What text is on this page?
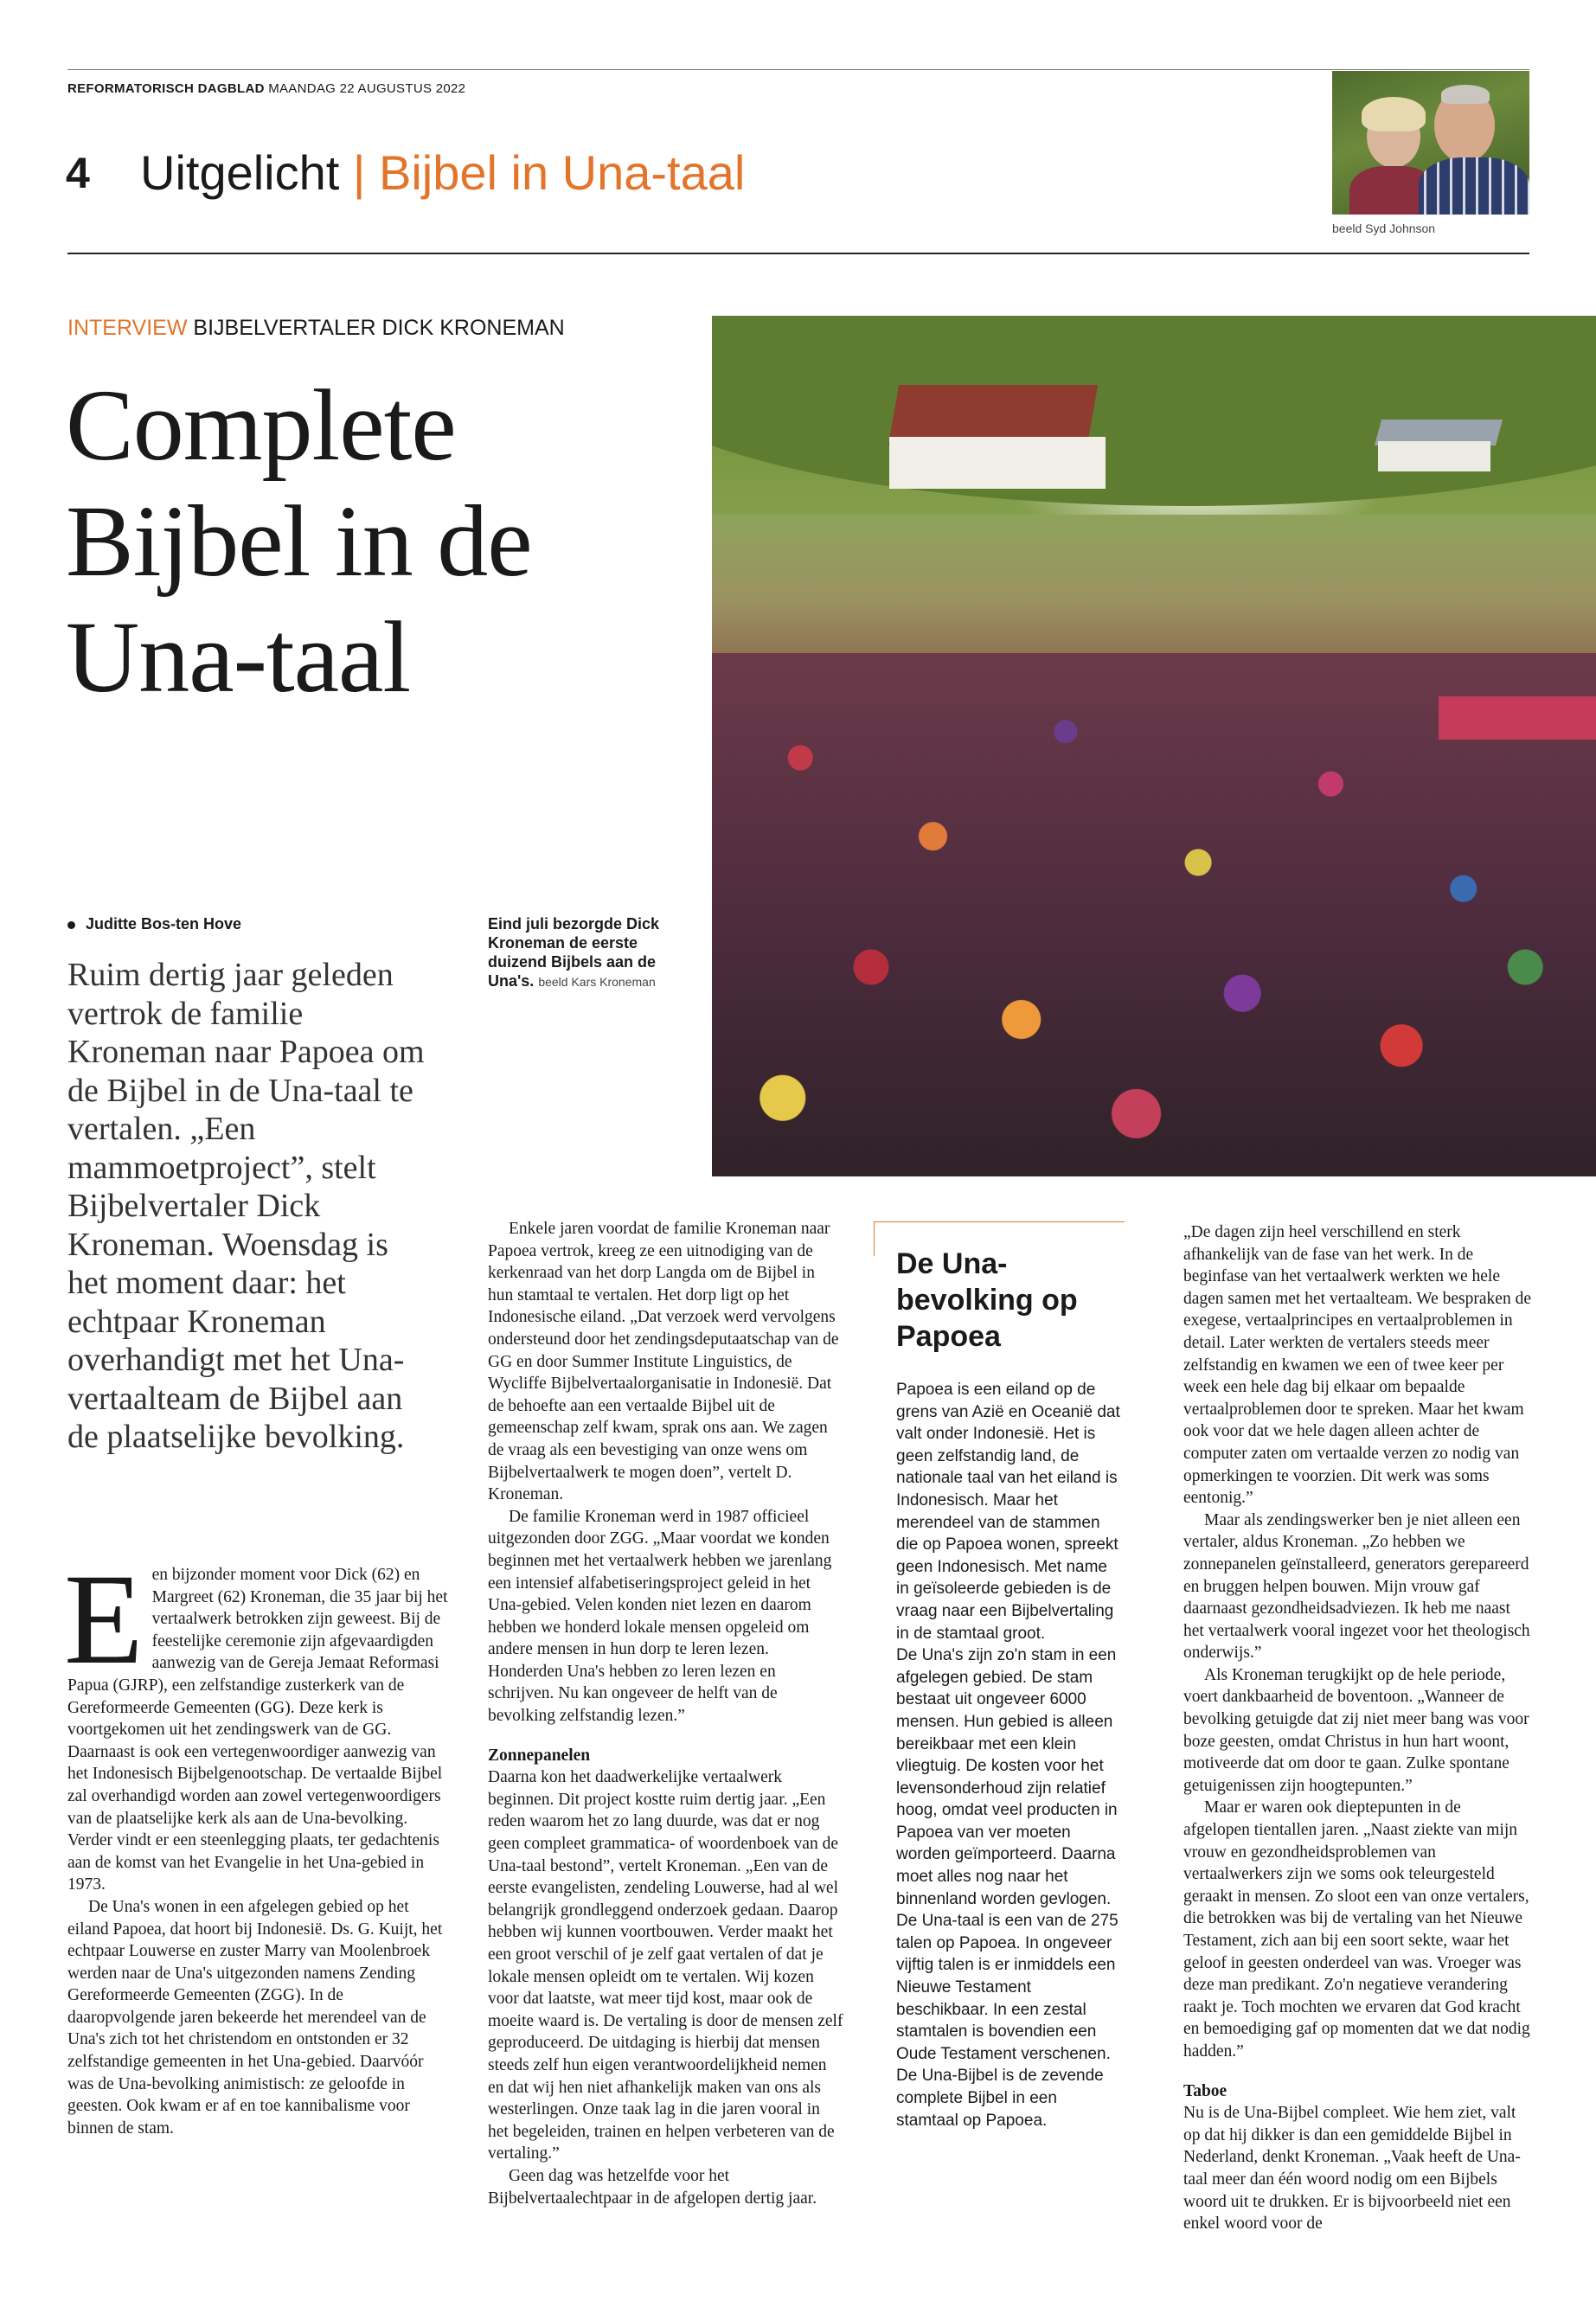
REFORMATORISCH DAGBLAD MAANDAG 22 AUGUSTUS 2022
4 Uitgelicht | Bijbel in Una-taal
beeld Syd Johnson
INTERVIEW BIJBELVERTALER DICK KRONEMAN
Complete
Bijbel in de
Una-taal
Juditte Bos-ten Hove	Eind juli bezorgde Dick Kroneman de eerste duizend Bijbels aan de Una's. beeld Kars Kroneman
Ruim dertig jaar geleden vertrok de familie Kroneman naar Papoea om de Bijbel in de Una-taal te vertalen. „Een mammoetproject”, stelt Bijbelvertaler Dick Kroneman. Woensdag is het moment daar: het echtpaar Kroneman overhandigt met het Una-vertaalteam de Bijbel aan de plaatselijke bevolking.
E en bijzonder moment voor Dick (62) en Margreet (62) Kroneman, die 35 jaar bij het vertaalwerk betrokken zijn geweest. Bij de feestelijke ceremonie zijn afgevaardigden aanwezig van de Gereja Jemaat Reformasi Papua (GJRP), een zelfstandige zusterkerk van de Gereformeerde Gemeenten (GG). Deze kerk is voortgekomen uit het zendingswerk van de GG. Daarnaast is ook een vertegenwoordiger aanwezig van het Indonesisch Bijbelgenootschap. De vertaalde Bijbel zal overhandigd worden aan zowel vertegenwoordigers van de plaatselijke kerk als aan de Una-bevolking. Verder vindt er een steenlegging plaats, ter gedachtenis aan de komst van het Evangelie in het Una-gebied in 1973.

De Una's wonen in een afgelegen gebied op het eiland Papoea, dat hoort bij Indonesië. Ds. G. Kuijt, het echtpaar Louwerse en zuster Marry van Moolenbroek werden naar de Una's uitgezonden namens Zending Gereformeerde Gemeenten (ZGG). In de daaropvolgende jaren bekeerde het merendeel van de Una's zich tot het christendom en ontstonden er 32 zelfstandige gemeenten in het Una-gebied. Daarvóór was de Una-bevolking animistisch: ze geloofde in geesten. Ook kwam er af en toe kannibalisme voor binnen de stam.

Enkele jaren voordat de familie Kroneman naar Papoea vertrok, kreeg ze een uitnodiging van de kerkenraad van het dorp Langda om de Bijbel in hun stamtaal te vertalen. Het dorp ligt op het Indonesische eiland. „Dat verzoek werd vervolgens ondersteund door het zendingsdeputaatschap van de GG en door Summer Institute Linguistics, de Wycliffe Bijbelvertaalorganisatie in Indonesië. Dat de behoefte aan een vertaalde Bijbel uit de gemeenschap zelf kwam, sprak ons aan. We zagen de vraag als een bevestiging van onze wens om Bijbelvertaalwerk te mogen doen”, vertelt D. Kroneman.

De familie Kroneman werd in 1987 officieel uitgezonden door ZGG. „Maar voordat we konden beginnen met het vertaalwerk hebben we jarenlang een intensief alfabetiseringsproject geleid in het Una-gebied. Velen konden niet lezen en daarom hebben we honderd lokale mensen opgeleid om andere mensen in hun dorp te leren lezen. Honderden Una's hebben zo leren lezen en schrijven. Nu kan ongeveer de helft van de bevolking zelfstandig lezen.”

Zonnepanelen

Daarna kon het daadwerkelijke vertaalwerk beginnen. Dit project kostte ruim dertig jaar. „Een reden waarom het zo lang duurde, was dat er nog geen compleet grammatica- of woordenboek van de Una-taal bestond”, vertelt Kroneman. „Een van de eerste evangelisten, zendeling Louwerse, had al wel belangrijk grondleggend onderzoek gedaan. Daarop hebben wij kunnen voortbouwen. Verder maakt het een groot verschil of je zelf gaat vertalen of dat je lokale mensen opleidt om te vertalen. Wij kozen voor dat laatste, wat meer tijd kost, maar ook de moeite waard is. De vertaling is door de mensen zelf geproduceerd. De uitdaging is hierbij dat mensen steeds zelf hun eigen verantwoordelijkheid nemen en dat wij hen niet afhankelijk maken van ons als westerlingen. Onze taak lag in die jaren vooral in het begeleiden, trainen en helpen verbeteren van de vertaling.”

Geen dag was hetzelfde voor het Bijbelvertaalechtpaar in de afgelopen dertig jaar.

De Una-bevolking op Papoea

Papoea is een eiland op de grens van Azië en Oceanië dat valt onder Indonesië. Het is geen zelfstandig land, de nationale taal van het eiland is Indonesisch. Maar het merendeel van de stammen die op Papoea wonen, spreekt geen Indonesisch. Met name in geïsoleerde gebieden is de vraag naar een Bijbelvertaling in de stamtaal groot.

De Una's zijn zo'n stam in een afgelegen gebied. De stam bestaat uit ongeveer 6000 mensen. Hun gebied is alleen bereikbaar met een klein vliegtuig. De kosten voor het levensonderhoud zijn relatief hoog, omdat veel producten in Papoea van ver moeten worden geïmporteerd. Daarna moet alles nog naar het binnenland worden gevlogen.

De Una-taal is een van de 275 talen op Papoea. In ongeveer vijftig talen is er inmiddels een Nieuwe Testament beschikbaar. In een zestal stamtalen is bovendien een Oude Testament verschenen. De Una-Bijbel is de zevende complete Bijbel in een stamtaal op Papoea.

„De dagen zijn heel verschillend en sterk afhankelijk van de fase van het werk. In de beginfase van het vertaalwerk werkten we hele dagen samen met het vertaalteam. We bespraken de exegese, vertaalprincipes en vertaalproblemen in detail. Later werkten de vertalers steeds meer zelfstandig en kwamen we een of twee keer per week een hele dag bij elkaar om bepaalde vertaalproblemen door te spreken. Maar het kwam ook voor dat we hele dagen alleen achter de computer zaten om vertaalde verzen zo nodig van opmerkingen te voorzien. Dit werk was soms eentonig.”

Maar als zendingswerker ben je niet alleen een vertaler, aldus Kroneman. „Zo hebben we zonnepanelen geïnstalleerd, generators gerepareerd en bruggen helpen bouwen. Mijn vrouw gaf daarnaast gezondheidsadviezen. Ik heb me naast het vertaalwerk vooral ingezet voor het theologisch onderwijs.”

Als Kroneman terugkijkt op de hele periode, voert dankbaarheid de boventoon. „Wanneer de bevolking getuigde dat zij niet meer bang was voor boze geesten, omdat Christus in hun hart woont, motiveerde dat om door te gaan. Zulke spontane getuigenissen zijn hoogtepunten.”

Maar er waren ook dieptepunten in de afgelopen tientallen jaren. „Naast ziekte van mijn vrouw en gezondheidsproblemen van vertaalwerkers zijn we soms ook teleurgesteld geraakt in mensen. Zo sloot een van onze vertalers, die betrokken was bij de vertaling van het Nieuwe Testament, zich aan bij een soort sekte, waar het geloof in geesten onderdeel van was. Vroeger was deze man predikant. Zo'n negatieve verandering raakt je. Toch mochten we ervaren dat God kracht en bemoediging gaf op momenten dat we dat nodig hadden.”

Taboe

Nu is de Una-Bijbel compleet. Wie hem ziet, valt op dat hij dikker is dan een gemiddelde Bijbel in Nederland, denkt Kroneman. „Vaak heeft de Una-taal meer dan één woord nodig om een Bijbels woord uit te drukken. Er is bijvoorbeeld niet een enkel woord voor de
